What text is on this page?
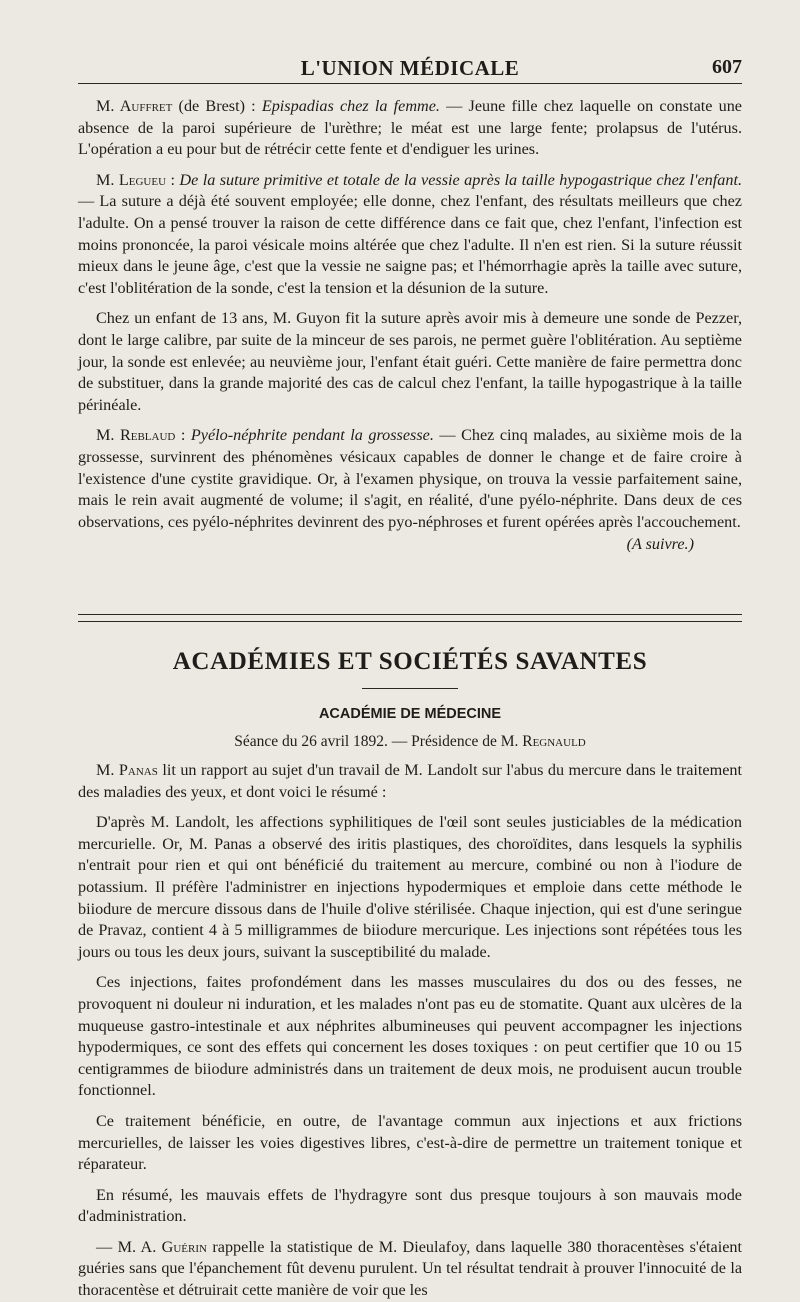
L'UNION MÉDICALE	607

M. Auffret (de Brest) : Epispadias chez la femme. — Jeune fille chez laquelle on constate une absence de la paroi supérieure de l'urèthre; le méat est une large fente; prolapsus de l'utérus. L'opération a eu pour but de rétrécir cette fente et d'endiguer les urines.

M. Legueu : De la suture primitive et totale de la vessie après la taille hypogastrique chez l'enfant. — La suture a déjà été souvent employée; elle donne, chez l'enfant, des résultats meilleurs que chez l'adulte. On a pensé trouver la raison de cette différence dans ce fait que, chez l'enfant, l'infection est moins prononcée, la paroi vésicale moins altérée que chez l'adulte. Il n'en est rien. Si la suture réussit mieux dans le jeune âge, c'est que la vessie ne saigne pas; et l'hémorrhagie après la taille avec suture, c'est l'oblitération de la sonde, c'est la tension et la désunion de la suture.

Chez un enfant de 13 ans, M. Guyon fit la suture après avoir mis à demeure une sonde de Pezzer, dont le large calibre, par suite de la minceur de ses parois, ne permet guère l'oblitération. Au septième jour, la sonde est enlevée; au neuvième jour, l'enfant était guéri. Cette manière de faire permettra donc de substituer, dans la grande majorité des cas de calcul chez l'enfant, la taille hypogastrique à la taille périnéale.

M. Reblaud : Pyélo-néphrite pendant la grossesse. — Chez cinq malades, au sixième mois de la grossesse, survinrent des phénomènes vésicaux capables de donner le change et de faire croire à l'existence d'une cystite gravidique. Or, à l'examen physique, on trouva la vessie parfaitement saine, mais le rein avait augmenté de volume; il s'agit, en réalité, d'une pyélo-néphrite. Dans deux de ces observations, ces pyélo-néphrites devinrent des pyo-néphroses et furent opérées après l'accouchement.

(A suivre.)
ACADÉMIES ET SOCIÉTÉS SAVANTES
ACADÉMIE DE MÉDECINE
Séance du 26 avril 1892. — Présidence de M. Regnauld

M. Panas lit un rapport au sujet d'un travail de M. Landolt sur l'abus du mercure dans le traitement des maladies des yeux, et dont voici le résumé :

D'après M. Landolt, les affections syphilitiques de l'œil sont seules justiciables de la médication mercurielle. Or, M. Panas a observé des iritis plastiques, des choroïdites, dans lesquels la syphilis n'entrait pour rien et qui ont bénéficié du traitement au mercure, combiné ou non à l'iodure de potassium. Il préfère l'administrer en injections hypodermiques et emploie dans cette méthode le biiodure de mercure dissous dans de l'huile d'olive stérilisée. Chaque injection, qui est d'une seringue de Pravaz, contient 4 à 5 milligrammes de biiodure mercurique. Les injections sont répétées tous les jours ou tous les deux jours, suivant la susceptibilité du malade.

Ces injections, faites profondément dans les masses musculaires du dos ou des fesses, ne provoquent ni douleur ni induration, et les malades n'ont pas eu de stomatite. Quant aux ulcères de la muqueuse gastro-intestinale et aux néphrites albumineuses qui peuvent accompagner les injections hypodermiques, ce sont des effets qui concernent les doses toxiques : on peut certifier que 10 ou 15 centigrammes de biiodure administrés dans un traitement de deux mois, ne produisent aucun trouble fonctionnel.

Ce traitement bénéficie, en outre, de l'avantage commun aux injections et aux frictions mercurielles, de laisser les voies digestives libres, c'est-à-dire de permettre un traitement tonique et réparateur.

En résumé, les mauvais effets de l'hydragyre sont dus presque toujours à son mauvais mode d'administration.

— M. A. Guérin rappelle la statistique de M. Dieulafoy, dans laquelle 380 thoracentèses s'étaient guéries sans que l'épanchement fût devenu purulent. Un tel résultat tendrait à prouver l'innocuité de la thoracentèse et détruirait cette manière de voir que les
